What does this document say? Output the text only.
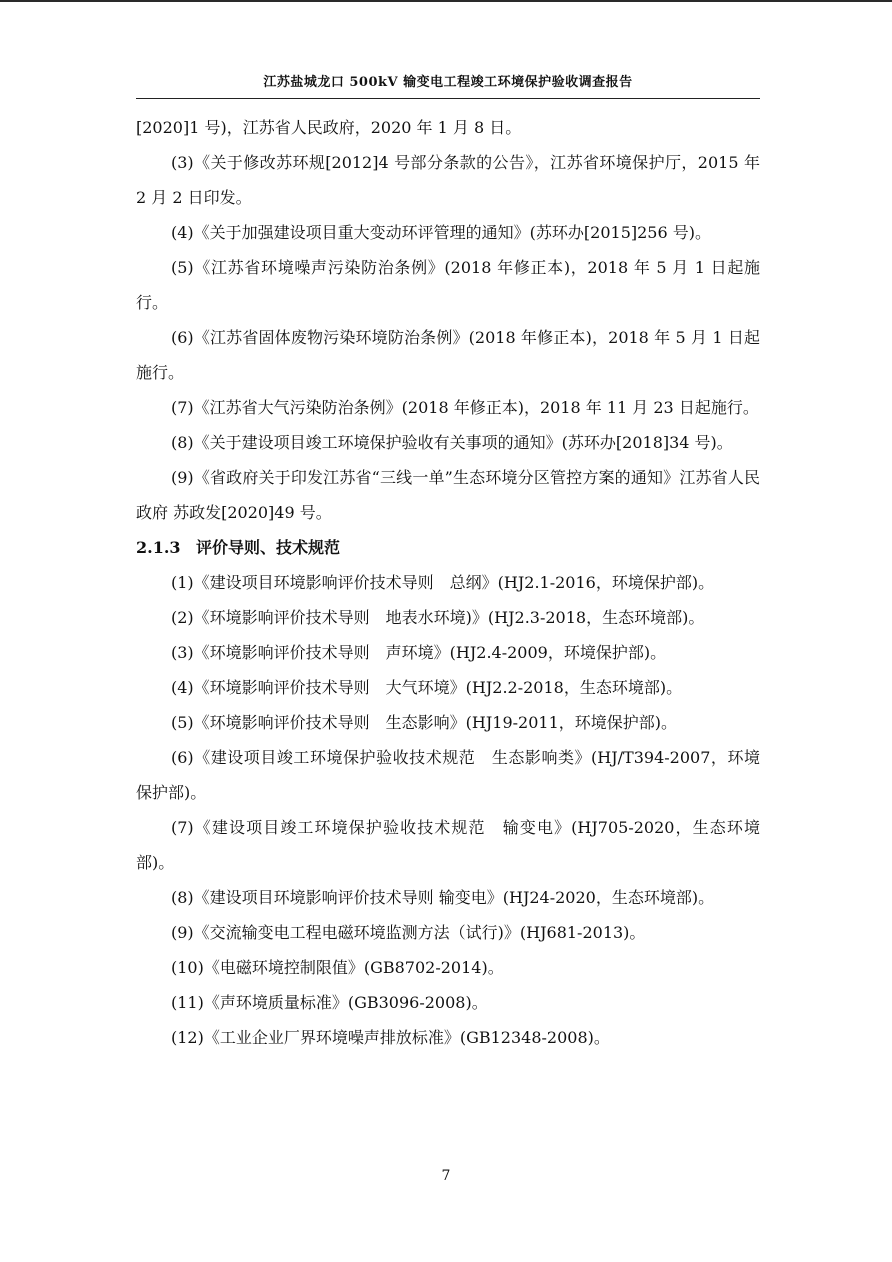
江苏盐城龙口 500kV 输变电工程竣工环境保护验收调查报告

[2020]1 号)，江苏省人民政府，2020 年 1 月 8 日。

(3)《关于修改苏环规[2012]4 号部分条款的公告》，江苏省环境保护厅，2015 年 2 月 2 日印发。

(4)《关于加强建设项目重大变动环评管理的通知》(苏环办[2015]256 号)。

(5)《江苏省环境噪声污染防治条例》(2018 年修正本)，2018 年 5 月 1 日起施行。

(6)《江苏省固体废物污染环境防治条例》(2018 年修正本)，2018 年 5 月 1 日起施行。

(7)《江苏省大气污染防治条例》(2018 年修正本)，2018 年 11 月 23 日起施行。

(8)《关于建设项目竣工环境保护验收有关事项的通知》(苏环办[2018]34 号)。

(9)《省政府关于印发江苏省“三线一单”生态环境分区管控方案的通知》江苏省人民政府 苏政发[2020]49 号。

2.1.3 评价导则、技术规范

(1)《建设项目环境影响评价技术导则　总纲》(HJ2.1-2016，环境保护部)。

(2)《环境影响评价技术导则　地表水环境)》(HJ2.3-2018，生态环境部)。

(3)《环境影响评价技术导则　声环境》(HJ2.4-2009，环境保护部)。

(4)《环境影响评价技术导则　大气环境》(HJ2.2-2018，生态环境部)。

(5)《环境影响评价技术导则　生态影响》(HJ19-2011，环境保护部)。

(6)《建设项目竣工环境保护验收技术规范　生态影响类》(HJ/T394-2007，环境保护部)。

(7)《建设项目竣工环境保护验收技术规范　输变电》(HJ705-2020，生态环境部)。

(8)《建设项目环境影响评价技术导则 输变电》(HJ24-2020，生态环境部)。

(9)《交流输变电工程电磁环境监测方法（试行)》(HJ681-2013)。

(10)《电磁环境控制限值》(GB8702-2014)。

(11)《声环境质量标准》(GB3096-2008)。

(12)《工业企业厂界环境噪声排放标准》(GB12348-2008)。

7
